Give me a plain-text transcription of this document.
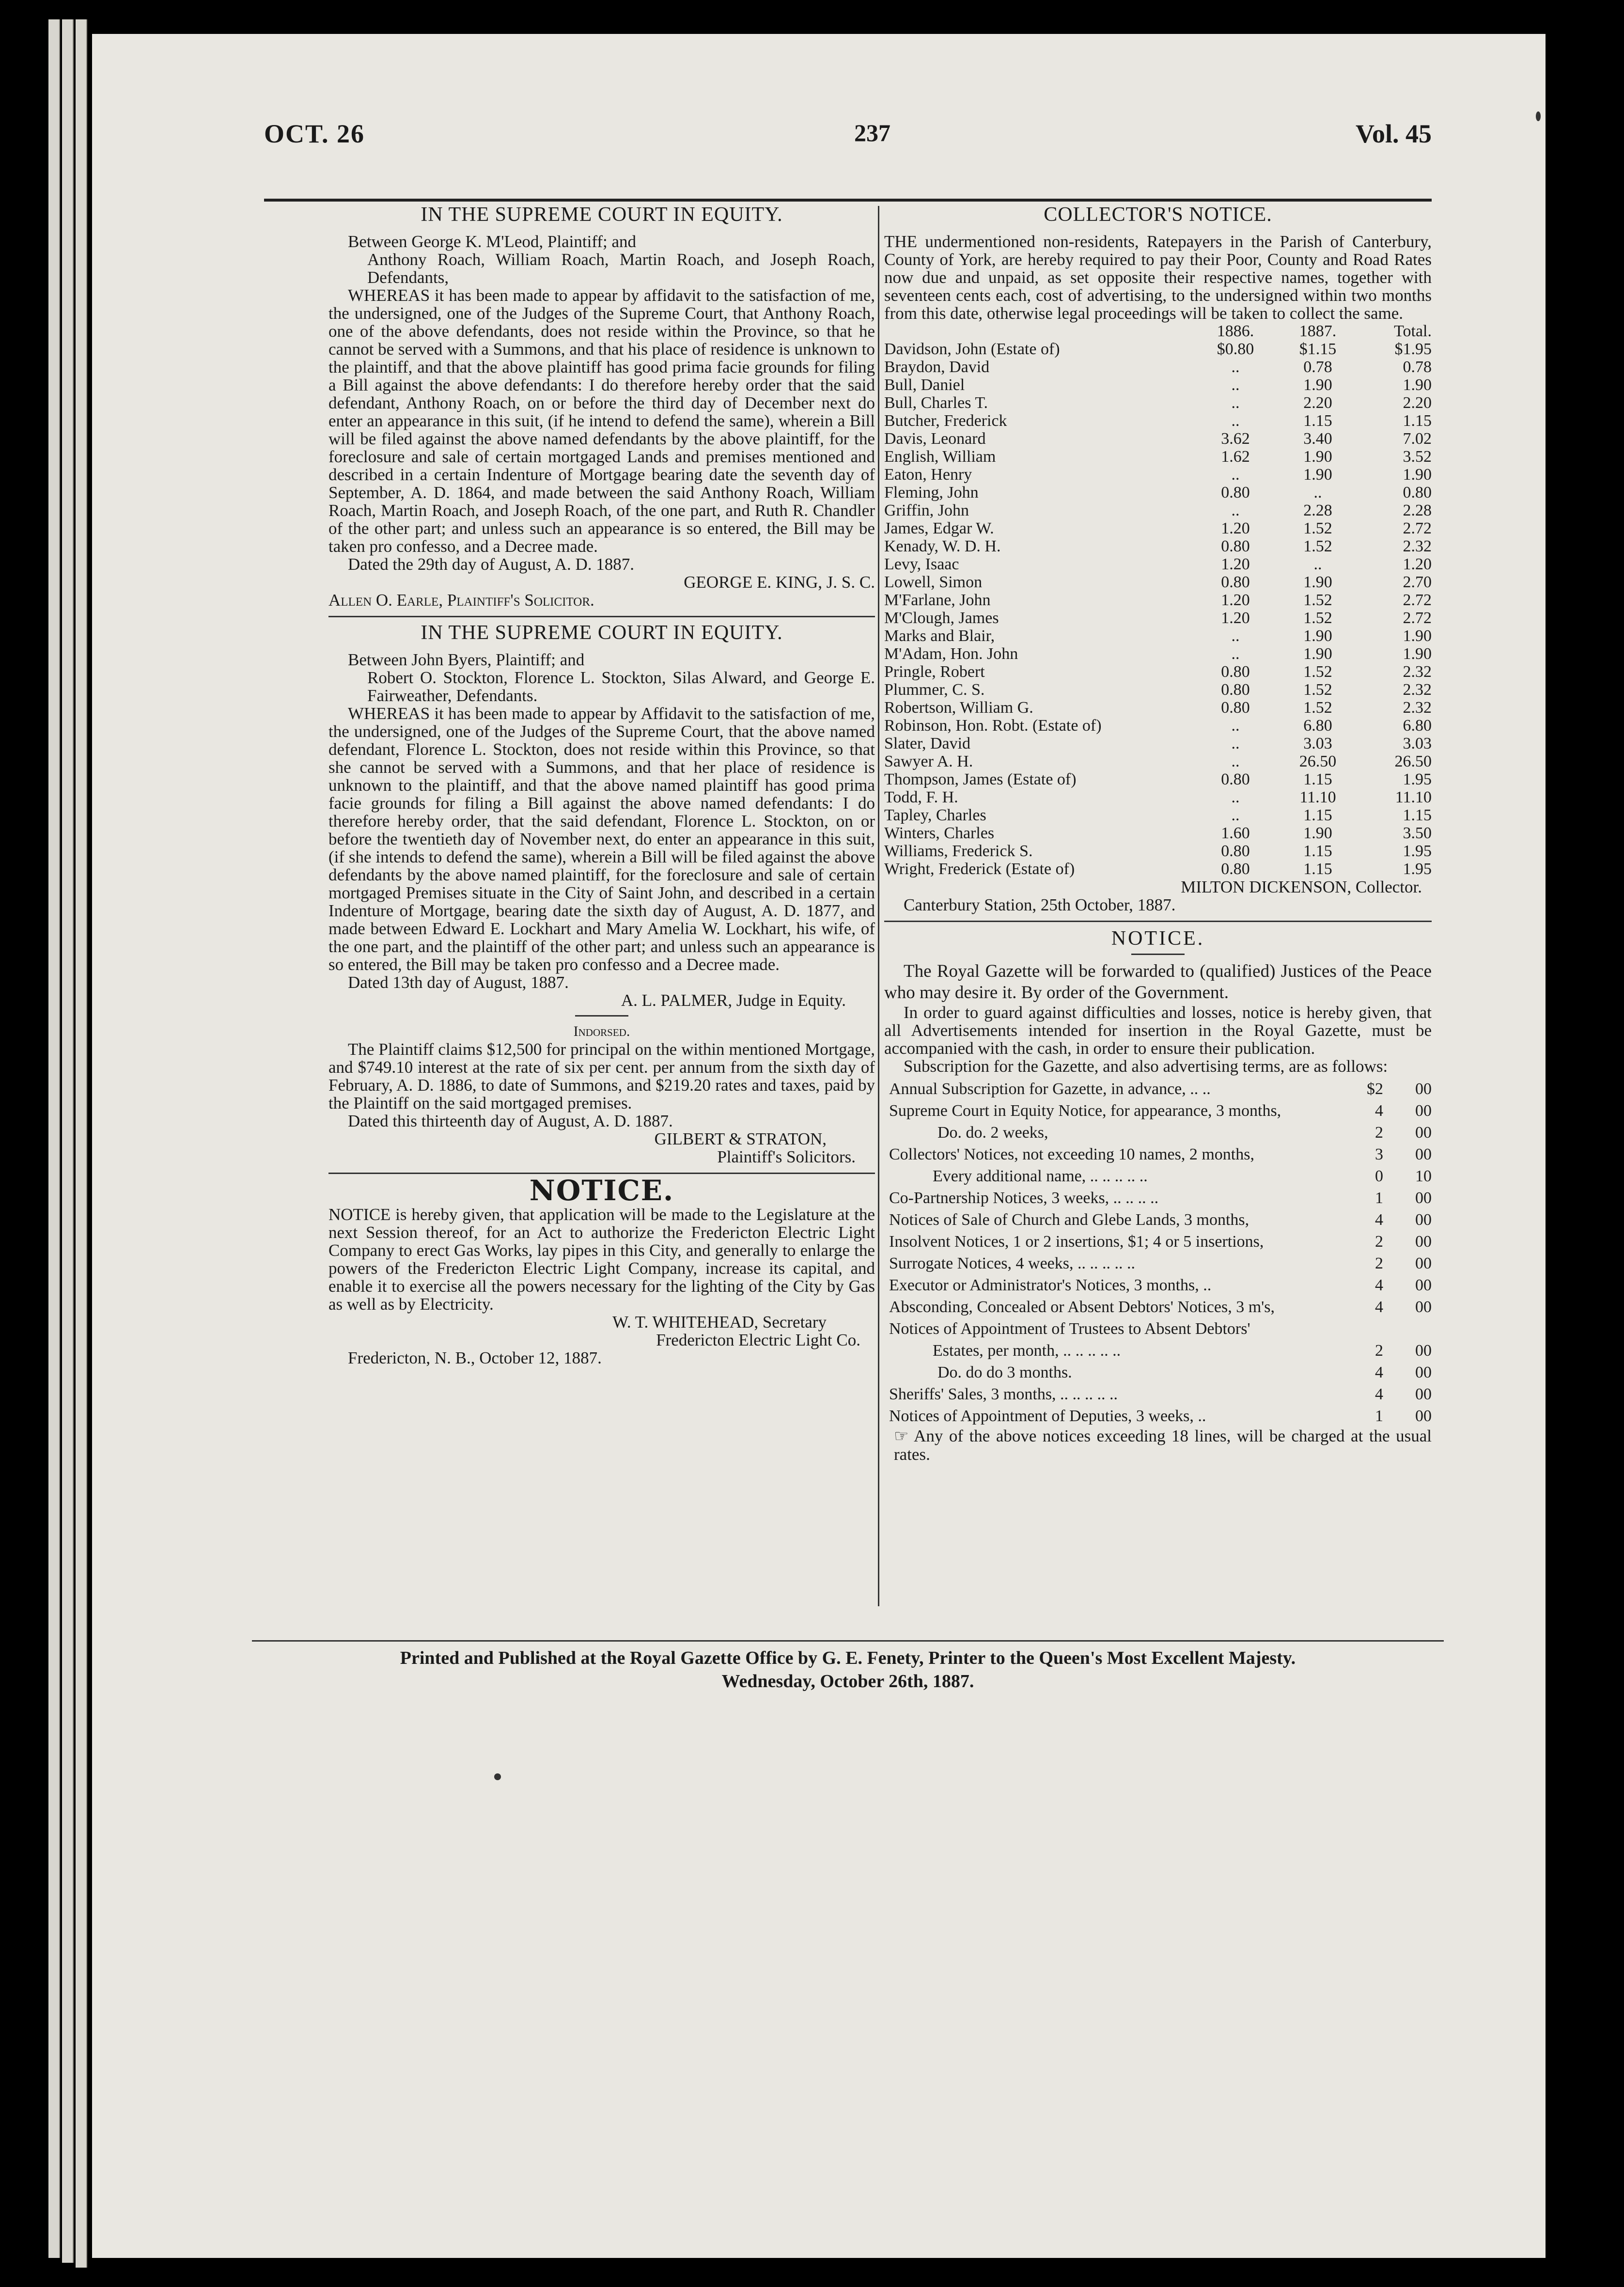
OCT. 26	237	Vol. 45
IN THE SUPREME COURT IN EQUITY.

Between George K. M'Leod, Plaintiff; and

Anthony Roach, William Roach, Martin Roach, and Joseph Roach, Defendants,

WHEREAS it has been made to appear by affidavit to the satisfaction of me, the undersigned, one of the Judges of the Supreme Court, that Anthony Roach, one of the above defendants, does not reside within the Province, so that he cannot be served with a Summons, and that his place of residence is unknown to the plaintiff, and that the above plaintiff has good prima facie grounds for filing a Bill against the above defendants: I do therefore hereby order that the said defendant, Anthony Roach, on or before the third day of December next do enter an appearance in this suit, (if he intend to defend the same), wherein a Bill will be filed against the above named defendants by the above plaintiff, for the foreclosure and sale of certain mortgaged Lands and premises mentioned and described in a certain Indenture of Mortgage bearing date the seventh day of September, A. D. 1864, and made between the said Anthony Roach, William Roach, Martin Roach, and Joseph Roach, of the one part, and Ruth R. Chandler of the other part; and unless such an appearance is so entered, the Bill may be taken pro confesso, and a Decree made.

Dated the 29th day of August, A. D. 1887.

GEORGE E. KING, J. S. C.

Allen O. Earle, Plaintiff's Solicitor.

IN THE SUPREME COURT IN EQUITY.

Between John Byers, Plaintiff; and

Robert O. Stockton, Florence L. Stockton, Silas Alward, and George E. Fairweather, Defendants.

WHEREAS it has been made to appear by Affidavit to the satisfaction of me, the undersigned, one of the Judges of the Supreme Court, that the above named defendant, Florence L. Stockton, does not reside within this Province, so that she cannot be served with a Summons, and that her place of residence is unknown to the plaintiff, and that the above named plaintiff has good prima facie grounds for filing a Bill against the above named defendants: I do therefore hereby order, that the said defendant, Florence L. Stockton, on or before the twentieth day of November next, do enter an appearance in this suit, (if she intends to defend the same), wherein a Bill will be filed against the above defendants by the above named plaintiff, for the foreclosure and sale of certain mortgaged Premises situate in the City of Saint John, and described in a certain Indenture of Mortgage, bearing date the sixth day of August, A. D. 1877, and made between Edward E. Lockhart and Mary Amelia W. Lockhart, his wife, of the one part, and the plaintiff of the other part; and unless such an appearance is so entered, the Bill may be taken pro confesso and a Decree made.

Dated 13th day of August, 1887.

A. L. PALMER, Judge in Equity.

Indorsed.

The Plaintiff claims $12,500 for principal on the within mentioned Mortgage, and $749.10 interest at the rate of six per cent. per annum from the sixth day of February, A. D. 1886, to date of Summons, and $219.20 rates and taxes, paid by the Plaintiff on the said mortgaged premises.

Dated this thirteenth day of August, A. D. 1887.

GILBERT & STRATON,

Plaintiff's Solicitors.

NOTICE.

NOTICE is hereby given, that application will be made to the Legislature at the next Session thereof, for an Act to authorize the Fredericton Electric Light Company to erect Gas Works, lay pipes in this City, and generally to enlarge the powers of the Fredericton Electric Light Company, increase its capital, and enable it to exercise all the powers necessary for the lighting of the City by Gas as well as by Electricity.

W. T. WHITEHEAD, Secretary

Fredericton Electric Light Co.

Fredericton, N. B., October 12, 1887.

COLLECTOR'S NOTICE.

THE undermentioned non-residents, Ratepayers in the Parish of Canterbury, County of York, are hereby required to pay their Poor, County and Road Rates now due and unpaid, as set opposite their respective names, together with seventeen cents each, cost of advertising, to the undersigned within two months from this date, otherwise legal proceedings will be taken to collect the same.

	1886.	1887.	Total.
Davidson, John (Estate of)	$0.80	$1.15	$1.95
Braydon, David	..	0.78	0.78
Bull, Daniel	..	1.90	1.90
Bull, Charles T.	..	2.20	2.20
Butcher, Frederick	..	1.15	1.15
Davis, Leonard	3.62	3.40	7.02
English, William	1.62	1.90	3.52
Eaton, Henry	..	1.90	1.90
Fleming, John	0.80	..	0.80
Griffin, John	..	2.28	2.28
James, Edgar W.	1.20	1.52	2.72
Kenady, W. D. H.	0.80	1.52	2.32
Levy, Isaac	1.20	..	1.20
Lowell, Simon	0.80	1.90	2.70
M'Farlane, John	1.20	1.52	2.72
M'Clough, James	1.20	1.52	2.72
Marks and Blair,	..	1.90	1.90
M'Adam, Hon. John	..	1.90	1.90
Pringle, Robert	0.80	1.52	2.32
Plummer, C. S.	0.80	1.52	2.32
Robertson, William G.	0.80	1.52	2.32
Robinson, Hon. Robt. (Estate of)	..	6.80	6.80
Slater, David	..	3.03	3.03
Sawyer A. H.	..	26.50	26.50
Thompson, James (Estate of)	0.80	1.15	1.95
Todd, F. H.	..	11.10	11.10
Tapley, Charles	..	1.15	1.15
Winters, Charles	1.60	1.90	3.50
Williams, Frederick S.	0.80	1.15	1.95
Wright, Frederick (Estate of)	0.80	1.15	1.95

MILTON DICKENSON, Collector.

Canterbury Station, 25th October, 1887.

NOTICE.

The Royal Gazette will be forwarded to (qualified) Justices of the Peace who may desire it. By order of the Government.

In order to guard against difficulties and losses, notice is hereby given, that all Advertisements intended for insertion in the Royal Gazette, must be accompanied with the cash, in order to ensure their publication.

Subscription for the Gazette, and also advertising terms, are as follows:

Annual Subscription for Gazette, in advance, .. ..	$2	00
Supreme Court in Equity Notice, for appearance, 3 months,	4	00
Do. do. 2 weeks,	2	00
Collectors' Notices, not exceeding 10 names, 2 months,	3	00
Every additional name, .. .. .. .. ..	0	10
Co-Partnership Notices, 3 weeks, .. .. .. ..	1	00
Notices of Sale of Church and Glebe Lands, 3 months,	4	00
Insolvent Notices, 1 or 2 insertions, $1; 4 or 5 insertions,	2	00
Surrogate Notices, 4 weeks, .. .. .. .. ..	2	00
Executor or Administrator's Notices, 3 months, ..	4	00
Absconding, Concealed or Absent Debtors' Notices, 3 m's,	4	00
Notices of Appointment of Trustees to Absent Debtors'		
Estates, per month, .. .. .. .. ..	2	00
Do. do do 3 months.	4	00
Sheriffs' Sales, 3 months, .. .. .. .. ..	4	00
Notices of Appointment of Deputies, 3 weeks, ..	1	00

☞ Any of the above notices exceeding 18 lines, will be charged at the usual rates.

Printed and Published at the Royal Gazette Office by G. E. Fenety, Printer to the Queen's Most Excellent Majesty.
Wednesday, October 26th, 1887.
